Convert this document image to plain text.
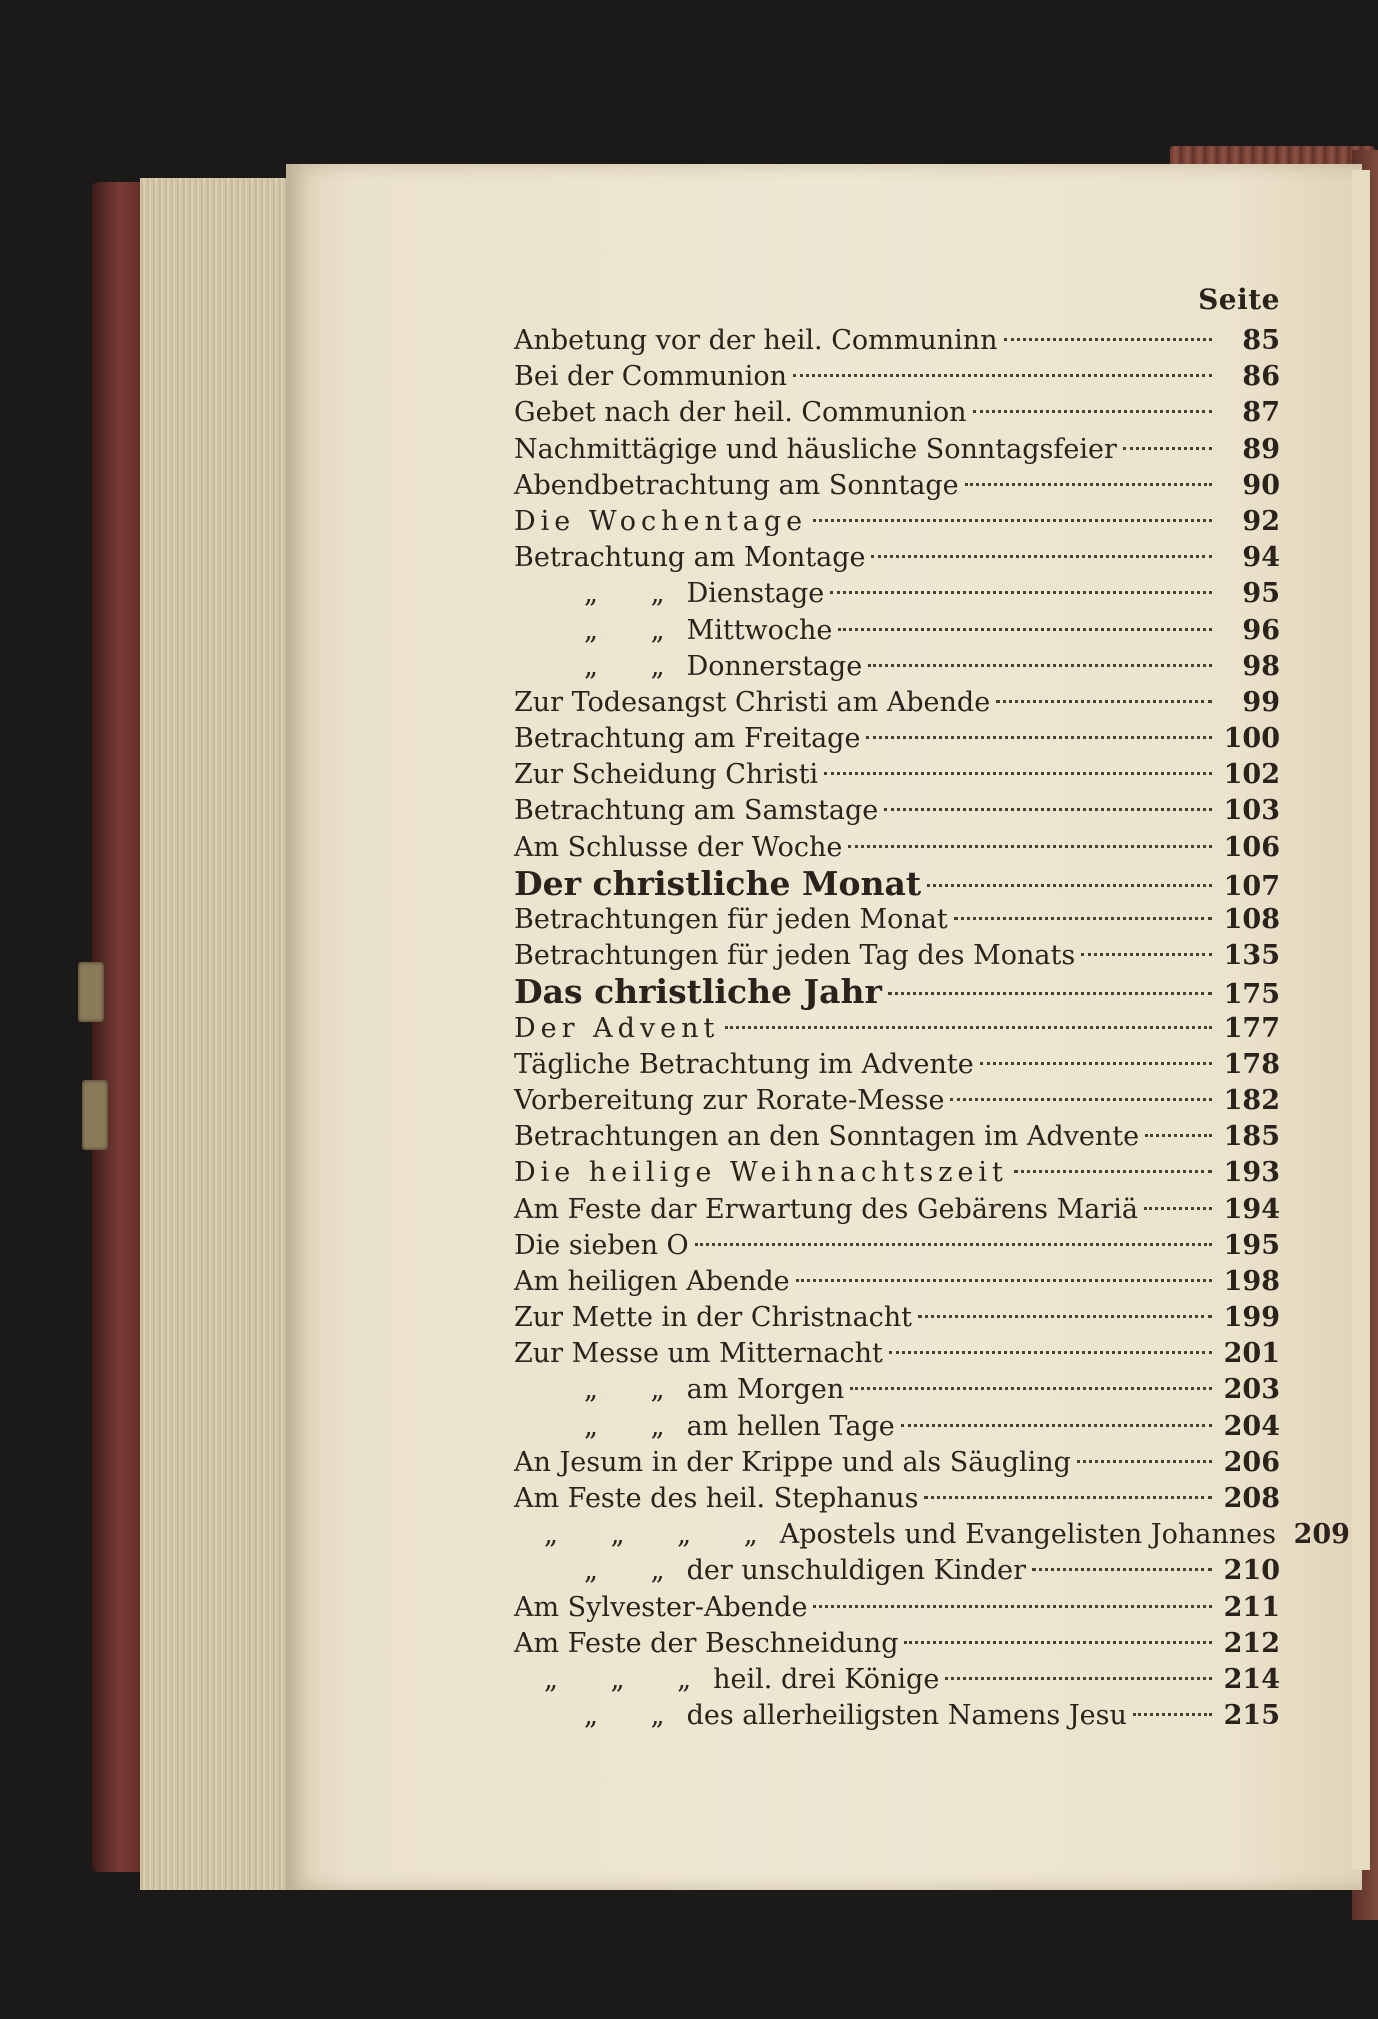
Seite
Anbetung vor der heil. Communinn	85
Bei der Communion	86
Gebet nach der heil. Communion	87
Nachmittägige und häusliche Sonntagsfeier	89
Abendbetrachtung am Sonntage	90
Die Wochentage	92
Betrachtung am Montage	94
„ „ Dienstage	95
„ „ Mittwoche	96
„ „ Donnerstage	98
Zur Todesangst Christi am Abende	99
Betrachtung am Freitage	100
Zur Scheidung Christi	102
Betrachtung am Samstage	103
Am Schlusse der Woche	106
Der christliche Monat	107
Betrachtungen für jeden Monat	108
Betrachtungen für jeden Tag des Monats	135
Das christliche Jahr	175
Der Advent	177
Tägliche Betrachtung im Advente	178
Vorbereitung zur Rorate-Messe	182
Betrachtungen an den Sonntagen im Advente	185
Die heilige Weihnachtszeit	193
Am Feste dar Erwartung des Gebärens Mariä	194
Die sieben O	195
Am heiligen Abende	198
Zur Mette in der Christnacht	199
Zur Messe um Mitternacht	201
„ „ am Morgen	203
„ „ am hellen Tage	204
An Jesum in der Krippe und als Säugling	206
Am Feste des heil. Stephanus	208
„ „ „ „ Apostels und Evangelisten Johannes 209
„ „ der unschuldigen Kinder	210
Am Sylvester-Abende	211
Am Feste der Beschneidung	212
„ „ „ heil. drei Könige	214
„ „ des allerheiligsten Namens Jesu	215
